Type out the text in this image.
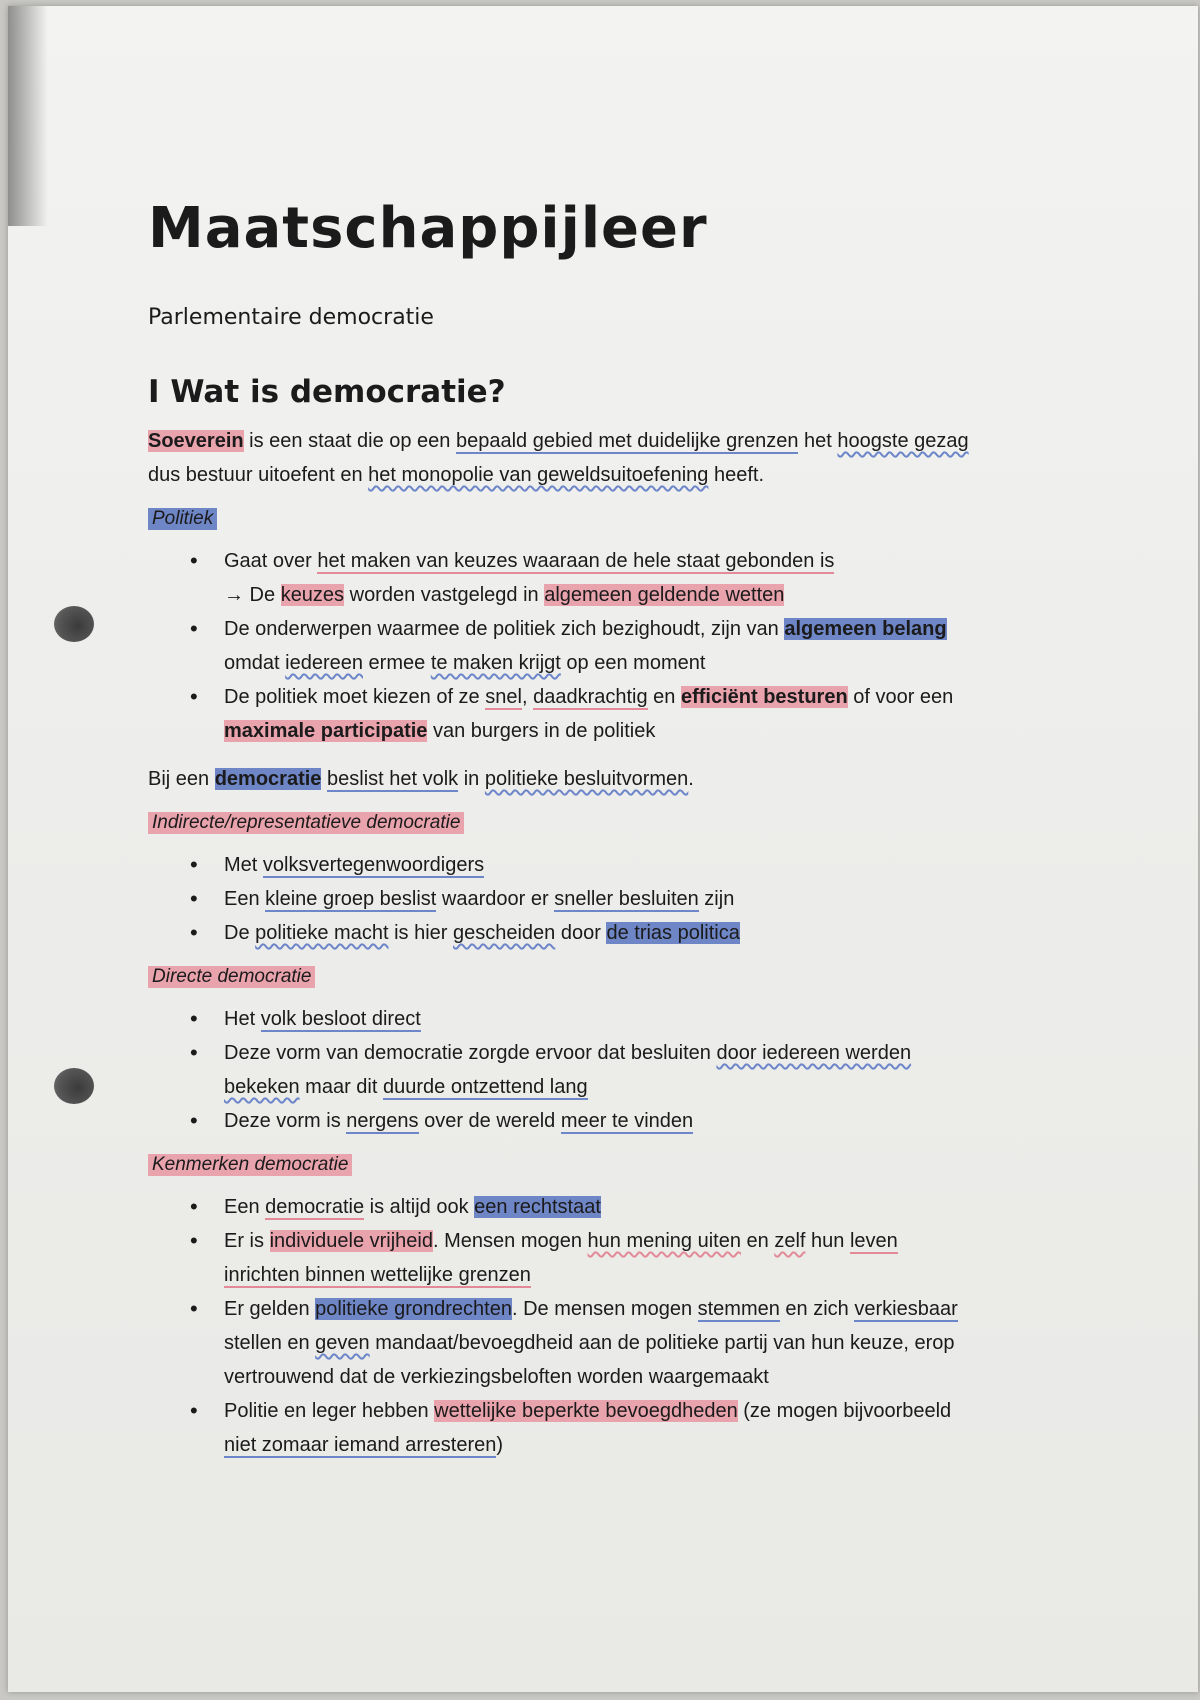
Maatschappijleer
Parlementaire democratie
I Wat is democratie?
Soeverein is een staat die op een bepaald gebied met duidelijke grenzen het hoogste gezag
dus bestuur uitoefent en het monopolie van geweldsuitoefening heeft.
Politiek
• Gaat over het maken van keuzes waaraan de hele staat gebonden is
→ De keuzes worden vastgelegd in algemeen geldende wetten
• De onderwerpen waarmee de politiek zich bezighoudt, zijn van algemeen belang
omdat iedereen ermee te maken krijgt op een moment
• De politiek moet kiezen of ze snel, daadkrachtig en efficiënt besturen of voor een
maximale participatie van burgers in de politiek
Bij een democratie beslist het volk in politieke besluitvormen.
Indirecte/representatieve democratie
• Met volksvertegenwoordigers
• Een kleine groep beslist waardoor er sneller besluiten zijn
• De politieke macht is hier gescheiden door de trias politica
Directe democratie
• Het volk besloot direct
• Deze vorm van democratie zorgde ervoor dat besluiten door iedereen werden
bekeken maar dit duurde ontzettend lang
• Deze vorm is nergens over de wereld meer te vinden
Kenmerken democratie
• Een democratie is altijd ook een rechtstaat
• Er is individuele vrijheid. Mensen mogen hun mening uiten en zelf hun leven
inrichten binnen wettelijke grenzen
• Er gelden politieke grondrechten. De mensen mogen stemmen en zich verkiesbaar
stellen en geven mandaat/bevoegdheid aan de politieke partij van hun keuze, erop
vertrouwend dat de verkiezingsbeloften worden waargemaakt
• Politie en leger hebben wettelijke beperkte bevoegdheden (ze mogen bijvoorbeeld
niet zomaar iemand arresteren)
